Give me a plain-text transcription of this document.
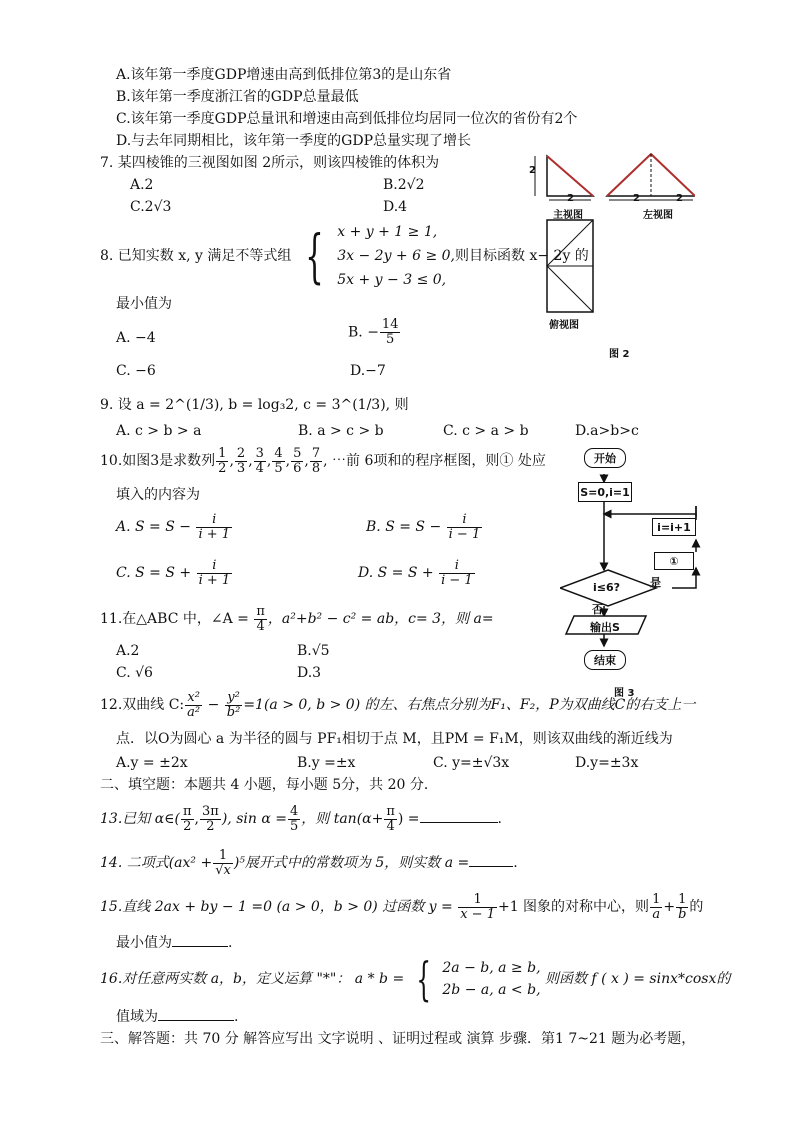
A.该年第一季度GDP增速由高到低排位第3的是山东省
B.该年第一季度浙江省的GDP总量最低
C.该年第一季度GDP总量讯和增速由高到低排位均居同一位次的省份有2个
D.与去年同期相比，该年第一季度的GDP总量实现了增长
7. 某四棱锥的三视图如图 2所示，则该四棱锥的体积为
A.2	B.2√2
C.2√3	D.4
2
2	2	2
主视图	左视图
俯视图
图 2
8. 已知实数 x, y 满足不等式组 { x + y + 1 ≥ 1,
3x − 2y + 6 ≥ 0,则目标函数 x− 2y 的
5x + y − 3 ≤ 0,
最小值为
A. −4	B. − $\frac{14}{5}$
C. −6	D.−7
9. 设 a = 2^(1/3), b = log₃2, c = 3^(1/3), 则
A. c > b > a	B. a > c > b	C. c > a > b	D.a>b>c
10.如图3是求数列 $\frac{1}{2}$ , $\frac{2}{3}$ , $\frac{3}{4}$ , $\frac{4}{5}$ , $\frac{5}{6}$ , $\frac{7}{8}$ , ⋯前 6项和的程序框图，则① 处应
填入的内容为
A. $S = S - \frac{i}{i + 1}$	B. $S = S - \frac{i}{i - 1}$
C. $S = S + \frac{i}{i + 1}$	D. $S = S + \frac{i}{i - 1}$
开始
S=0,i=1
i=i+1
①
i≤6?	是
否
输出S
结束
图 3
11.在△ABC 中，∠A = $\frac{\pi}{4}$ ，a²+b² − c² = ab，c= 3，则 a=
A.2	B.√5
C. √6	D.3
12.双曲线 C: $\frac{\text{x²}}{\text{a²}} - \frac{\text{y²}}{\text{b²}} =1(a > 0$, b > 0) 的左、右焦点分别为F₁、F₂，P为双曲线C的右支上一
点．以O为圆心 a 为半径的圆与 PF₁相切于点 M，且PM = F₁M，则该双曲线的渐近线为
A.y = ±2x	B.y =±x	C. y=±√3x	D.y=±3x
二、填空题：本题共 4 小题，每小题 5分，共 20 分．
13.已知 α∈( $\frac{\pi}{2}$ , $\frac{3\pi}{2}$ ), $\sin \alpha = \frac{4}{5}$ ，则 $\tan(\alpha+ \frac{\pi}{4}$ ) =	.
14. 二项式$(ax^2 + \frac{1}{√x} )^5$展开式中的常数项为 5，则实数 a =	.
15.直线 2ax + by − 1 =0 (a > 0，b > 0) 过函数 $y = \frac{1}{x - 1} +1$ 图象的对称中心，则 $\frac{1}{a} + \frac{1}{b}$ 的
最小值为	.
16.对任意两实数 a，b，定义运算 "*"： a * b = { 2a − b, a ≥ b,
2b − a, a < b,
则函数 f ( x ) = sinx*cosx的
值域为	.
三、解答题：共 70 分 解答应写出 文字说明 、证明过程或 演算 步骤．第1 7~21 题为必考题，
